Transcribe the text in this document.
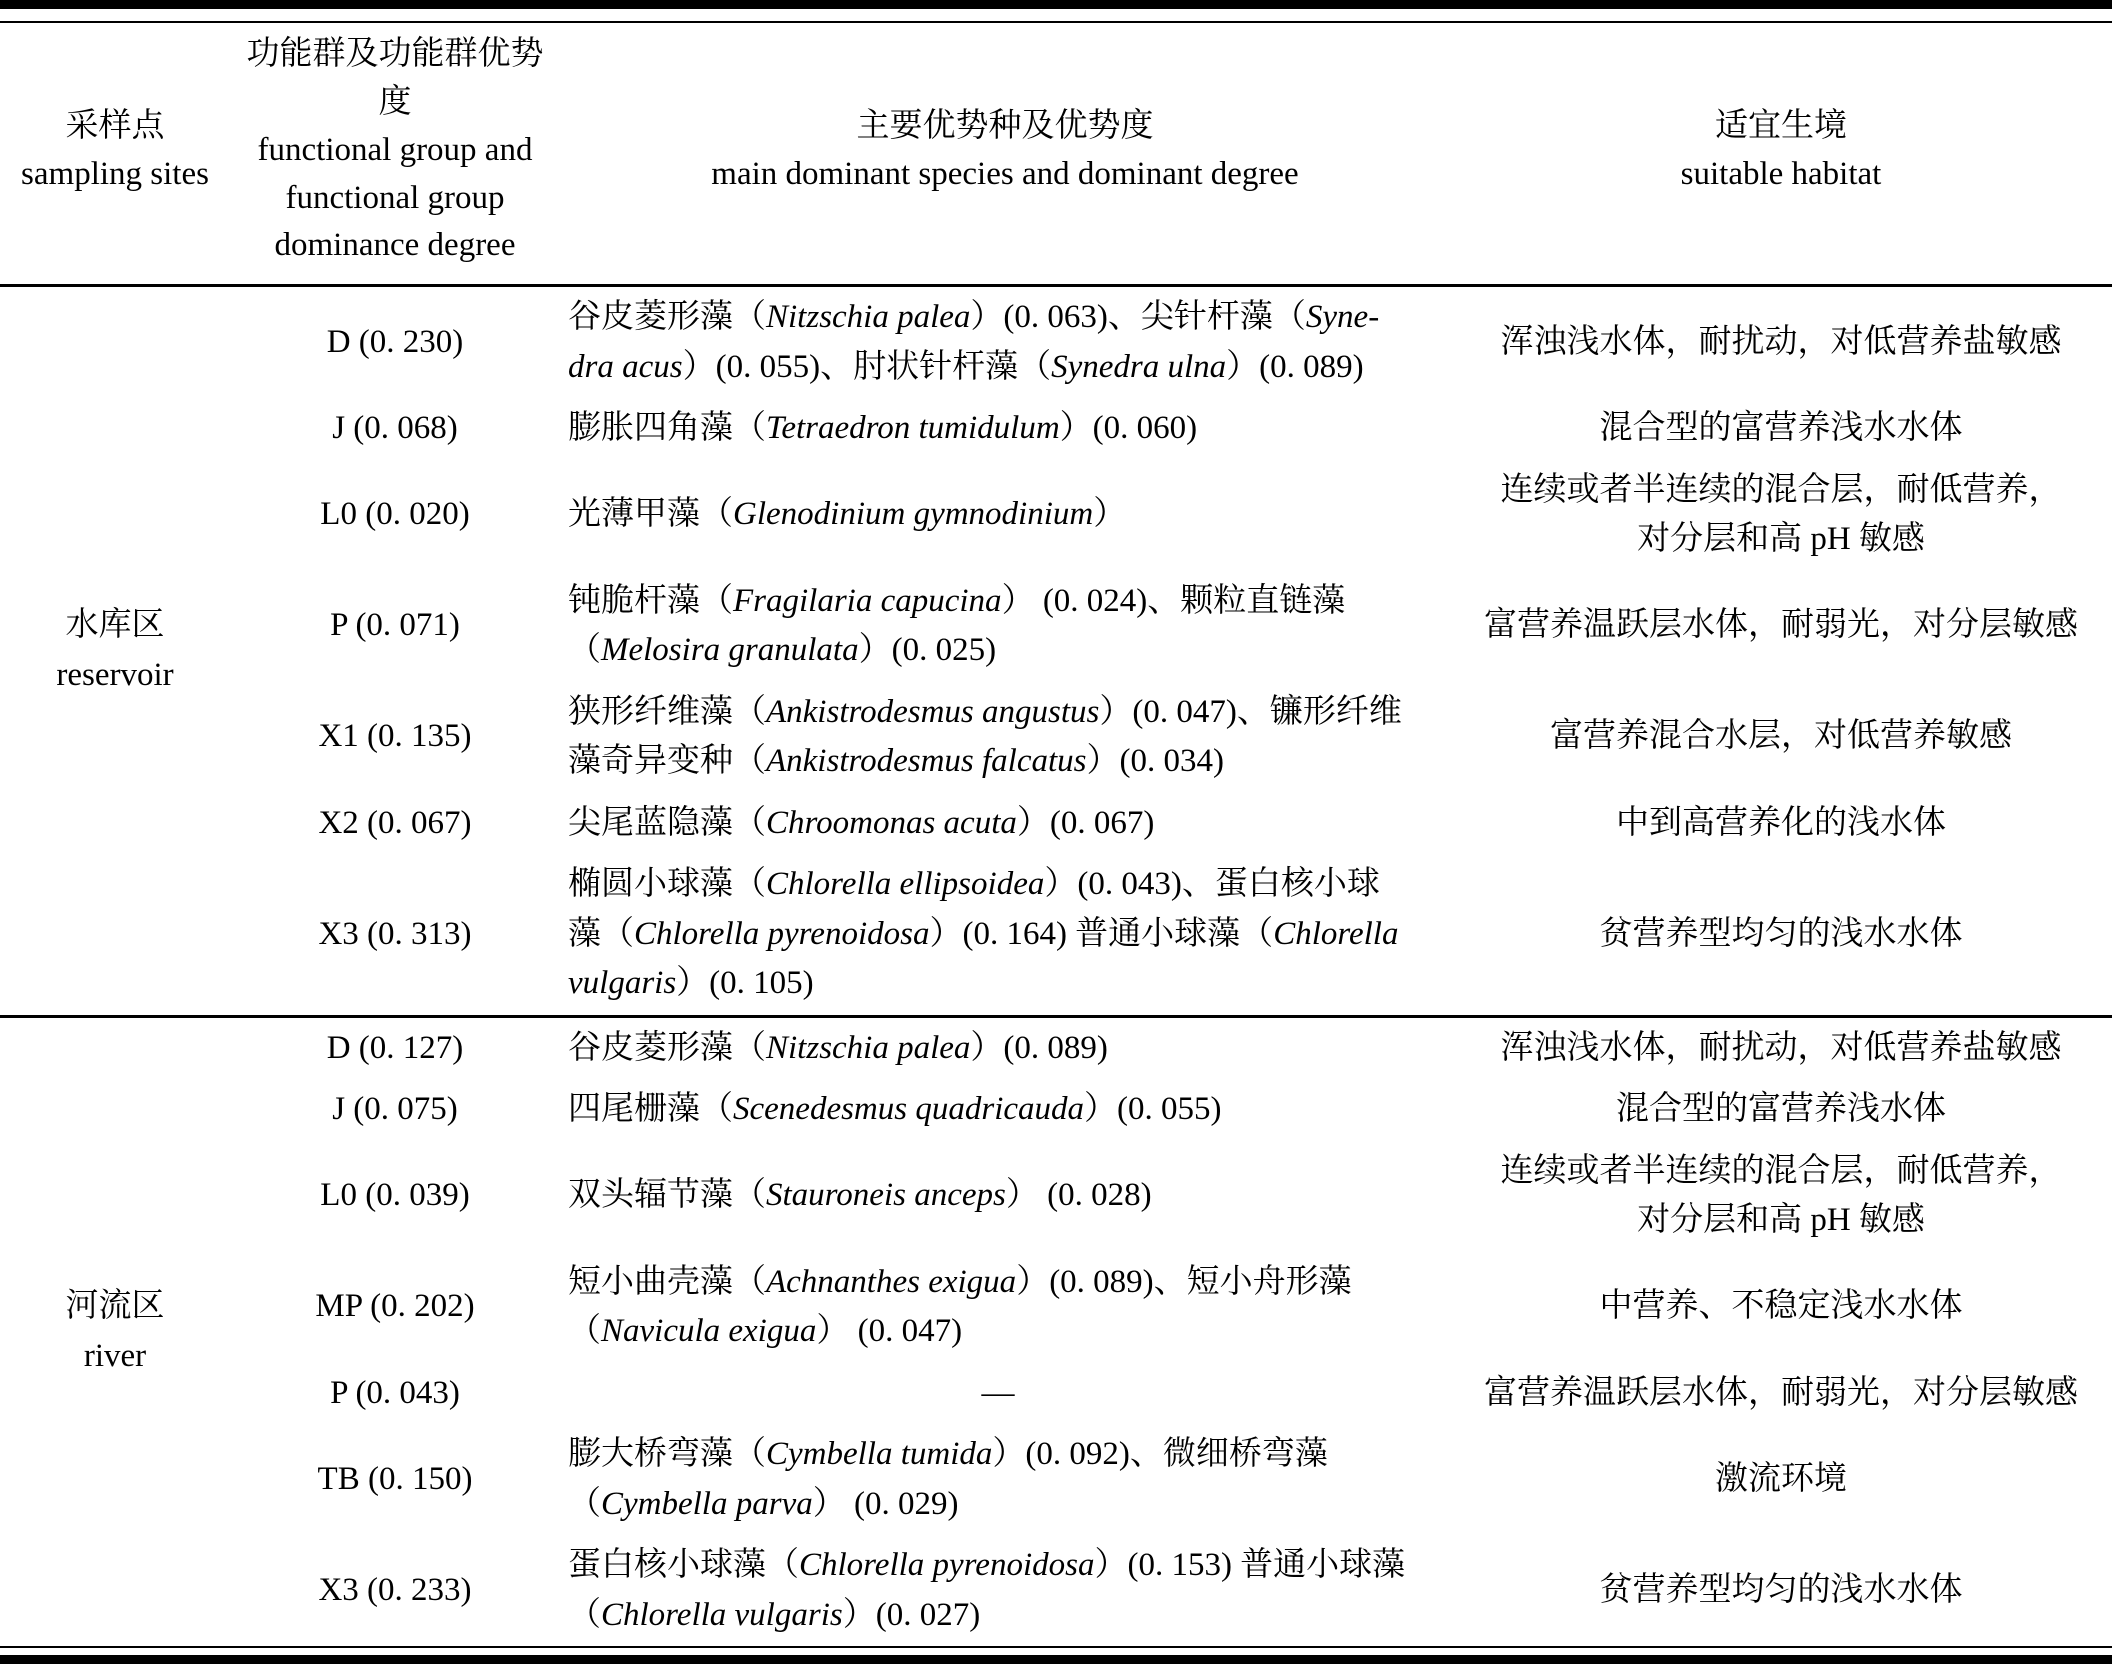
采样点
sampling sites	功能群及功能群优势度
functional group and
functional group
dominance degree	主要优势种及优势度
main dominant species and dominant degree	适宜生境
suitable habitat
水库区
reservoir	D (0. 230)	谷皮菱形藻（Nitzschia palea）(0. 063)、尖针杆藻（Syne-
dra acus）(0. 055)、肘状针杆藻（Synedra ulna）(0. 089)	浑浊浅水体，耐扰动，对低营养盐敏感
	J (0. 068)	膨胀四角藻（Tetraedron tumidulum）(0. 060)	混合型的富营养浅水水体
	L0 (0. 020)	光薄甲藻（Glenodinium gymnodinium）	连续或者半连续的混合层，耐低营养，
对分层和高 pH 敏感
	P (0. 071)	钝脆杆藻（Fragilaria capucina） (0. 024)、颗粒直链藻
（Melosira granulata）(0. 025)	富营养温跃层水体，耐弱光，对分层敏感
	X1 (0. 135)	狭形纤维藻（Ankistrodesmus angustus）(0. 047)、镰形纤维
藻奇异变种（Ankistrodesmus falcatus）(0. 034)	富营养混合水层，对低营养敏感
	X2 (0. 067)	尖尾蓝隐藻（Chroomonas acuta）(0. 067)	中到高营养化的浅水体
	X3 (0. 313)	椭圆小球藻（Chlorella ellipsoidea）(0. 043)、蛋白核小球
藻（Chlorella pyrenoidosa）(0. 164) 普通小球藻（Chlorella
vulgaris）(0. 105)	贫营养型均匀的浅水水体
河流区
river	D (0. 127)	谷皮菱形藻（Nitzschia palea）(0. 089)	浑浊浅水体，耐扰动，对低营养盐敏感
	J (0. 075)	四尾栅藻（Scenedesmus quadricauda）(0. 055)	混合型的富营养浅水体
	L0 (0. 039)	双头辐节藻（Stauroneis anceps） (0. 028)	连续或者半连续的混合层，耐低营养，
对分层和高 pH 敏感
	MP (0. 202)	短小曲壳藻（Achnanthes exigua）(0. 089)、短小舟形藻
（Navicula exigua） (0. 047)	中营养、不稳定浅水水体
	P (0. 043)	—	富营养温跃层水体，耐弱光，对分层敏感
	TB (0. 150)	膨大桥弯藻（Cymbella tumida）(0. 092)、微细桥弯藻
（Cymbella parva） (0. 029)	激流环境
	X3 (0. 233)	蛋白核小球藻（Chlorella pyrenoidosa）(0. 153) 普通小球藻
（Chlorella vulgaris）(0. 027)	贫营养型均匀的浅水水体
